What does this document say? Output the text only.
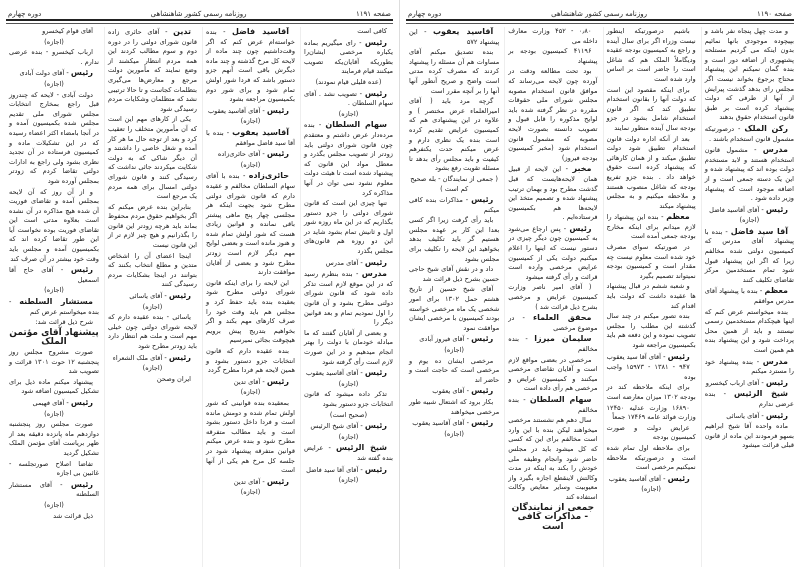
صفحه ۱۱۹۱
روزنامه رسمی کشور شاهنشاهی
دوره چهارم
کافی است
رئیس - رای میگیریم بماده یکباره مرخصی ایشان‌را بطوریکه آقایان‌یکه تصویب میکنند قیام فرمایند
(عده قلیلی قیام نمودند)
رئیس - تصویب نشد . آقای سهام السلطان .
(اجازه)
سهام السلطان - بنده مرده‌دار عرض داشتم و معتقدم چون قانون شورای دولتی باید زودتر از تصویب مجلس بگذرد و معطل مواد این قانون که پیشنهاد شده است تا هیئت دولت معلوم نشود نمی توان در آنها مذاکره کرد
تنها چیزی این است که قانون شورای دولتی را جزو دستور بگذاریم که در این ماه روزه شور اول و ثانیش تمام بشود شاید در این دو روزه هم قانون‌های مجلس بگذرد
رئیس - آقای مدرس
مدرس - بنده بنظرم رسید که در این موقع لازم است تذکر داده شود که قانون شورای دولتی مطرح بشود و آن قانون را اول نمودیم تمام و بعد قوانین دیگر را
و بعضی از آقایان گفتند که ما مبادله خودمان با دولت را بهتر انجام میدهیم و در این صورت لازم است رأی گرفته شود
رئیس - آقای آقاسید یعقوب
(اجازه)
تذکر داده میشود که قانون انتخابات جزو دستور بشود
(صحیح است)
رئیس - آقای شیخ الرئیس
(اجازه)
شیخ الرئیس - عرایض بنده گفته شد
رئیس - آقای آقا سید فاضل
(اجازه)
آقاسید فاضل - بنده خواسته‌ام عرض کنم که اگر وقت‌داشتیم چون چند ماده از لایحه کل مرخ گذشته و چند ماده دیگرش باقی است آنهم جزو دستور باشد که فردا شور اولش تمام شود و برای شور دوم بکمیسیون مراجعه بشود
رئیس - آقای آقاسید یعقوب
(اجازه)
آقاسید یعقوب - بنده با آقا سید فاضل موافقم
رئیس - آقای حائری‌زاده
(اجازه)
حائری‌زاده - بنده با آقای سهام السلطان مخالفم و عقیده دارم که قانون شورای دولتی مطرح شود بجهت اینکه هر مجلسی چهار پنج ماهی پیشتر باقی نمانده و قوانین زیادی هست که شور اولش تمام شده و هنوز مانده است و بعضی لوایح مهم دیگر لازم است زودتر مطرح شود و بعضی از آقایان موافقت دارند
این لایحه را برای اینکه قانون شورای دولتی مطرح شود بعقیده بنده باید حفظ کرد و مجلس هم باید وقت خود را صرف کارهای مهم بکند و اگر بخواهیم بتدریج پیش برویم هیچوقت بجائی نمیرسیم
بنده عقیده دارم که قانون انتخابات جزو دستور بشود و همین لایحه هم فردا مطرح گردد
رئیس - آقای تدین
(اجازه)
بمعقیده بنده قوانینی که شور اولش تمام شده و دومش مانده است و فردا داخل دستور بشود است و باید مطالب متفرقه مطرح شود و بنده عرض میکنم قوانین متفرقه پیشنهاد شود در جلسه کل مرخ هم یکی از آنها است
رئیس - آقای تدین
(اجازه)
تدین - آقای حائری زاده قانون شورای دولتی را در دوره دوم و سوم مطالب کردند این همه مردم انتظار میکشند از وضع نمایند که مأمورین دولت مرجع و معارض‌ها می‌گیری بتظلمات کجاست و تا حالا ترتیبی نشد که متظلمان وشکایات مردم رسیدگی شود
یکی از کارهای مهم این است که آن مأمورین متخلف را تعقیب کرد و بعد از توجه حال ما هر کار آمده و شغل خاصی را داشتند و آن دیگر شاکی که به دولت شکایت میکردند جائی نداشت که رسیدگی کنند و قانون شورای دولتی امسال برای همه مردم یک مرجع است
بنابراین بنده عرض میکنم که اگر بخواهیم حقوق مردم محفوظ بماند باید هرچه زودتر این قانون را بگذرانیم و هیچ چیز لازم تر از این قانون نیست
اینجا اعضای آن را اشخاص متدین و مطلع انتخاب بکنند که بتوانند در اینجا بشکایات مردم رسیدگی کنند
رئیس - آقای یاسائی
(اجازه)
یاسائی - بنده عقیده دارم که لایحه شورای دولتی چون خیلی مهم است و ملت هم انتظار دارد باید زودتر مطرح شود
رئیس - آقای ملک الشعراء
(اجازه)
ایران وصحن
آقای قوام کیخسرو
(اجازه)
ارباب کیخسرو - بنده عرضی ندارم .
رئیس - آقای دولت آبادی
(اجازه)
دولت آبادی - لایحه که چندروز قبل راجع بمخارج انتخابات مجلس شورای ملی تقدیم مجلس شده بکمیسیون آمده و در آنجا بامضاء اکثر اعضاء رسیده که در این تشکیلات ماده و کمیسیون فرستاده در آن تجدید نظری بشود ولی راجع به ادارات دولتی تقاضا کردم که زودتر بمجلس آورده شود
و از آن روز که آن لایحه بمجلس آمده و تقاضای فوریت آن شده هیچ مذاکره در آن نشده است بعلاوه مدتی است این تقاضای فوریت بوده نخواست آیا این طور تقاضا کرده اند که بکمیسیون آمده و مجلس باید وقت خود بیشتر در آن صرف کند
رئیس - آقای حاج آقا اسمعیل
(اجازه)
مستشار السلطنه - بنده میخواستم عرض کنم
شرح ذیل قرائت شد:
پیشنهاد آقای مؤتمن الملک
صورت مشروح مجلس روز پنجشنبه ۱۲ حوت ۱۳۰۱ قرائت و تصویب شد
پیشنهاد میکنم ماده ذیل برای تشکیل کمیسیون اضافه شود
رئیس - آقای فهیمی
(اجازه)
صورت مجلس روز پنجشنبه دوازدهم ماه پانزده دقیقه بعد از ظهر بریاست آقای مؤتمن الملک تشکیل گردید
تفاضا اصلاح صورتجلسه - غائبین بی اجازه
رئیس - آقای مستشار السلطنه
(اجازه)
ذیل قرائت شد
صفحه ۱۱۹۰
روزنامه رسمی کشور شاهنشاهی
دوره چهارم
و مدت چهل پنجاه نفر باشد و بپیچوده موجودی بانها نمائیم بدون اینکه می گردیم مستلحه پشتهوری از اضافه دور است و بنده گمان نمیکنم این پیشنهاد محتاج برجوع بخواند نیست اگر مجلس رای بدهد گذشت پیرایش از آنها از طرفی که دولت پیشنهاد کرده است بر طبق قانون استخدام حقوق بدهند
رکن الملک - درصورتیکه مشمول قانون استخدام باشند .
مدرس - مشمول قانون استخدام هستند و لابد مستخدم دولت بوده اند که پیشنهاد شده و این یک دسته جمعی است و از اضافه موجود است که پیشنهاد وزیر داده شود .
رئیس - آقای آقاسید فاضل
(اجازه)
آقا سید فاضل - بنده با پیشنهاد آقای مدرس که کمیسیون دولتی شده مخالفم زیرا که اگر این پیشنهاد قبول شود تمام مستخدمین مرکز تقاضای تکلیف کنند
معظم - بنده با پیشنهاد آقای مدرس موافقم
بنده میخواستم عرض کنم که اینها هیچکدام مستخدمین رسمی نیستند و باید از همین محل پرداخت شود و این پیشنهاد بنده هم همین است
مدرس - بنده پیشنهاد خود را مسترد میکنم
رئیس - آقای ارباب کیخسرو
شیخ الرئیس - بنده عرضی ندارم
رئیس - آقای یاسائی
ماده واحده آقا شیخ ابراهیم بسهو فرمودند این ماده از قانون قبلی قرائت میشود
باشیم درصورتیکه اینطور نیست وزراء اگر برای سال آینده و راجع به کمیسیون بودجه عقیده ودیگاملاً الملک هم که شاغل است را جاضر است بر اساس وارد شده است
برای اینکه مقصود این است که دولت آنها را بقانون استخدام تطبیق کند که اگر قانون استخدام شامل بشود در جزو بودجه سال آینده منظور نمایند
بعد از آنکه اداره دولت قانون استخدام تطبیق شود دولت تطبیق میکند و از همان کارهائی که پیشنهاد کرده است حقوق خواهد داد . بنده جزو تفریع بودجه که شاغل منصوب هستند و ملاحظه میکنیم و به مجلس پیشنهاد میکند
معظم - بنده این پیشنهاد را لازم میدانم برای اینکه مخارج بودجه جمعی آمده است
در صورتیکه سوای مصرف خود شده است معلوم نیست چه مقدار است و کمیسیون بودجه نمیتواند تصمیم بگیرد
و شعبه ششم در قبال پیشنهاد ها عقیده داشت که دولت باید اقدام کند
بنده تصور میکنم در چند سال گذشته این مطلب را مجلس تصویب نموده و این دفعه هم باید بکمیسیون مراجعه شود
رئیس - آقای آقا سید یعقوب
۹۴۷ - ۱۳۸۱ - ۱۵۹۷۳ واجب بوده
برای اینکه ملاحظه کند در بودجه ۱۳۰۲ میزان معارضه است
۱۶۸۹۰ وزارت عدلیه ۱۲۴۵۰ وزارت فوائد عامه ۱۷۴۶۹ جمعاً
عرایض دولت و صورت کمیسیون بودجه
برای ملاحظه اول تمام شده است و درصورتیکه ملاحظه نمیکنیم مرخصی است
رئیس - آقای آقاسید یعقوب
(اجازه)
۰٫۸۰ - ۴۵۲ وزارت معارف داخله می
۴۱۱۹۶ کمیسیون بودجه بر پیشنهاد
بود تحت مطالعه ودقت در آورده چون لایحه می‌رساند که موافق قانون استخدام مصوبه مجلس شورای ملی حقوقات مقرره در نظر گرفته شده باید لوایح مذکوره را قابل قبول و تصویب دانسته بصورت لایحه مصوبه که مشمول قانون استخدام شود (مخبر کمیسیون بودجه فیروز)
مخبر - این لایحه از قبیل همان لایحه‌هایست که قبل گذشت مطرح بود و بهمان ترتیب پیشنهاد شده و تصمیم متخذ این لایحه‌ها هم بکمیسیون فرستاده‌ایم .
رئیس - پس ارجاع می‌شود به کمیسیون چون دیگر چیزی در دستور نیست که اینها را اعلام میکنیم دولت یکی از کمیسیون عرایض مرخصی وارده است قرائت و رأی گرفته میشود
( آقای امیر ناصر وزارت کمیسیون عرایض و مرخصی بشرح ذیل قرائت شد )
محقق العلماء - در موضوع مرخصی
سلیمان میرزا - بنده مخالفم
مرخصی در بعضی مواقع لازم است و آقایان تقاضای مرخصی میکنند و کمیسیون عرایض و مرخصی هم رأی داده است
سهام السلطان - بنده مخالفم
سال دهم هم نشستند مرخصی میخواهند لیکن بنده با این وارد است مخالفم برای این که کسی که کل میشود باید در مجلس حاضر شود وانجام وظیفه ملی خودش را بکند به اینکه در مدت وکالتش لاینقطع اجازه بگیرد واز معیوبیت وسایر معایص وکالت استفاده کند
جمعی از نمایندگان - مذاکرات کافی است
آقاسید یعقوب - این پیشنهاد ۵۷۲
بنده تصدیق میکنم آقای مساوات هم آن مسئله را پیشنهاد کردند که مصرف کرده مدتی است واضح و صریح آنطور آنها آنها را بر آنچه مقرر است
گرچه مرد باید ( آقای امیرالعلماء عرض مختصر ) و علاوه در این پیشنهادی هم که کمیسیون عرایض تقدیم کرده است بنده یک نظری دارم و عرض میکنم حدت یکنفرهم کیفیت و باید مجلس رأی بدهد تا مسئله تقویت رفع بشود
( جمعی از نمایندگان - بله صحیح کم است )
رئیس - مذاکرات بنده کافی میکنم
باید رأی گرفت زیرا اگر کسی بعدا این کار بر عهده مجلس هستیم گر باید تکلیف بدهد بخواهید این لایحه را تکلیف برای مجلس بشود
داد و در نقش آقای شیخ حاجی حسین بشرح ذیل قرائت شد
آقای شیخ حسین از تاریخ هشتم حمل ۱۳۰۲ برای امور شخصی یک ماه مرخصی خواسته بودند کمیسیون با مرخصی ایشان موافقت نمود
رئیس - آقای فیروز آبادی
(اجازه)
مرخصی ایشان ده یوم و مرخصی است که حاجت است و حاضر اند
رئیس - آقای یعقوب
بکار برود که اشتعال شبیه طور مرخصی میخواهند
رئیس - آقای آقاسید یعقوب
(اجازه)
